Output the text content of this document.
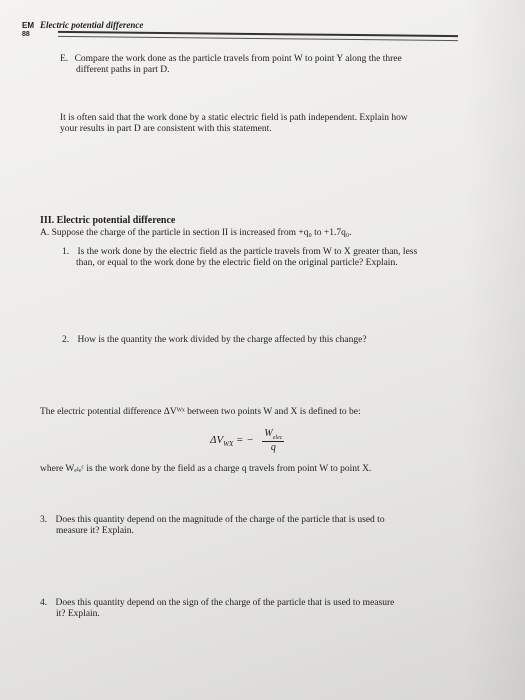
EM Electric potential difference
88
E. Compare the work done as the particle travels from point W to point Y along the three
different paths in part D.
It is often said that the work done by a static electric field is path independent. Explain how
your results in part D are consistent with this statement.
III. Electric potential difference
A. Suppose the charge of the particle in section II is increased from +q₀ to +1.7q₀.
1. Is the work done by the electric field as the particle travels from W to X greater than, less
than, or equal to the work done by the electric field on the original particle? Explain.
2. How is the quantity the work divided by the charge affected by this change?
The electric potential difference ΔVᵂˣ between two points W and X is defined to be:
$\Delta V_{WX}$ = − $\frac{W_{elec}}{q}$
where Wₑₗₑᶜ is the work done by the field as a charge q travels from point W to point X.
3. Does this quantity depend on the magnitude of the charge of the particle that is used to
measure it? Explain.
4. Does this quantity depend on the sign of the charge of the particle that is used to measure
it? Explain.
